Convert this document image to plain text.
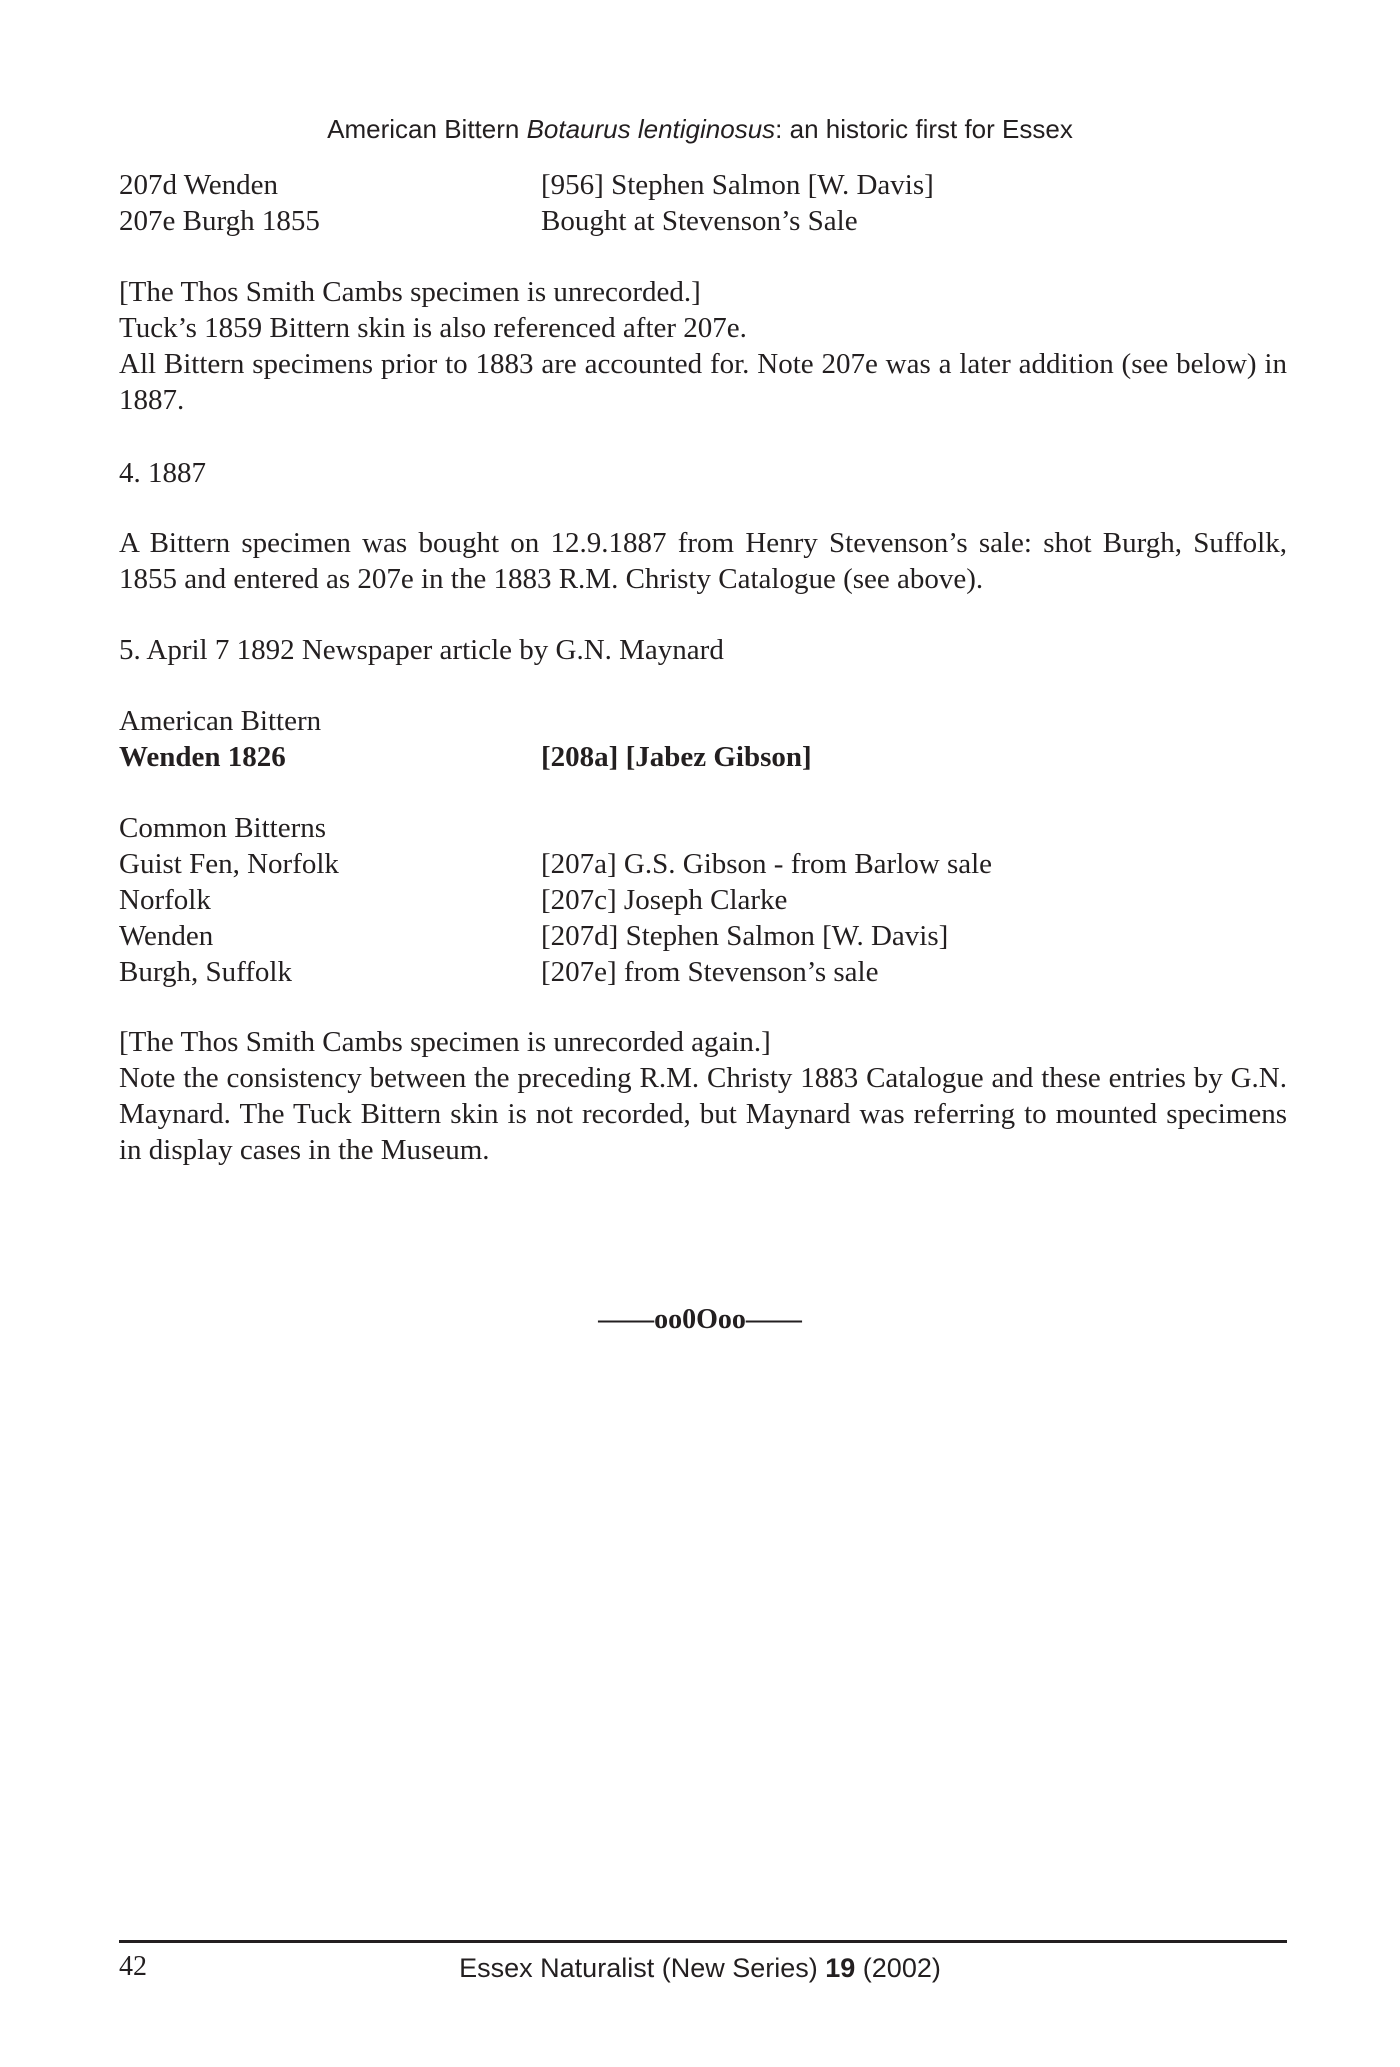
American Bittern Botaurus lentiginosus: an historic first for Essex
207d Wenden	[956] Stephen Salmon [W. Davis]
207e Burgh 1855	Bought at Stevenson’s Sale

[The Thos Smith Cambs specimen is unrecorded.]

Tuck’s 1859 Bittern skin is also referenced after 207e.

All Bittern specimens prior to 1883 are accounted for. Note 207e was a later addition (see below) in 1887.

4. 1887
A Bittern specimen was bought on 12.9.1887 from Henry Stevenson’s sale: shot Burgh, Suffolk, 1855 and entered as 207e in the 1883 R.M. Christy Catalogue (see above).
5. April 7 1892 Newspaper article by G.N. Maynard
American Bittern
Wenden 1826	[208a] [Jabez Gibson]
Common Bitterns
Guist Fen, Norfolk	[207a] G.S. Gibson - from Barlow sale
Norfolk	[207c] Joseph Clarke
Wenden	[207d] Stephen Salmon [W. Davis]
Burgh, Suffolk	[207e] from Stevenson’s sale

[The Thos Smith Cambs specimen is unrecorded again.]

Note the consistency between the preceding R.M. Christy 1883 Catalogue and these entries by G.N. Maynard. The Tuck Bittern skin is not recorded, but Maynard was referring to mounted specimens in display cases in the Museum.

——oo0Ooo——
42	Essex Naturalist (New Series) 19 (2002)
